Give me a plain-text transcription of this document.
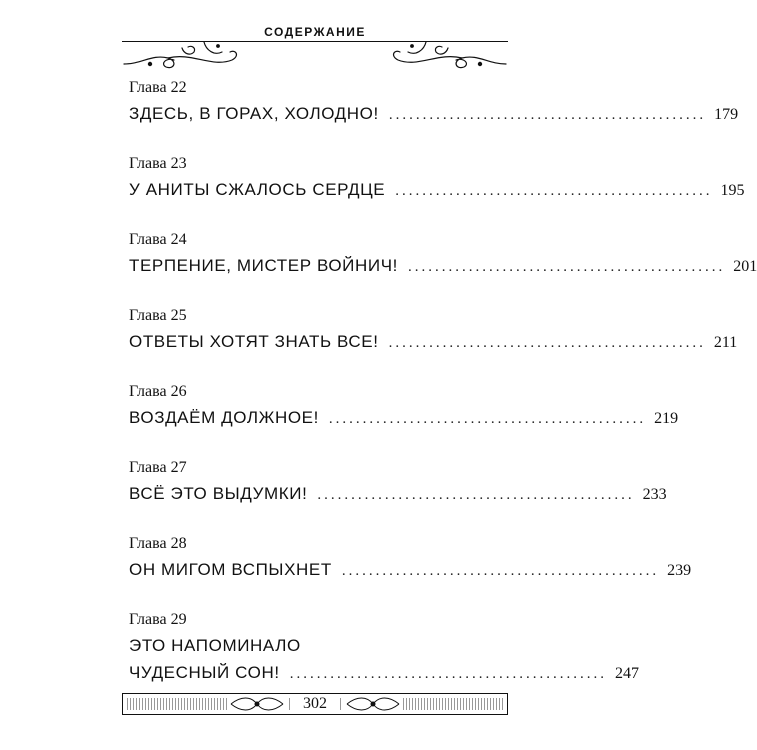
СОДЕРЖАНИЕ
Глава 22
ЗДЕСЬ, В ГОРАХ, ХОЛОДНО! ............................................... 179
Глава 23
У АНИТЫ СЖАЛОСЬ СЕРДЦЕ ............................................... 195
Глава 24
ТЕРПЕНИЕ, МИСТЕР ВОЙНИЧ! ............................................... 201
Глава 25
ОТВЕТЫ ХОТЯТ ЗНАТЬ ВСЕ! ............................................... 211
Глава 26
ВОЗДАЁМ ДОЛЖНОЕ! ............................................... 219
Глава 27
ВСЁ ЭТО ВЫДУМКИ! ............................................... 233
Глава 28
ОН МИГОМ ВСПЫХНЕТ ............................................... 239
Глава 29
ЭТО НАПОМИНАЛО
ЧУДЕСНЫЙ СОН! ............................................... 247
302
